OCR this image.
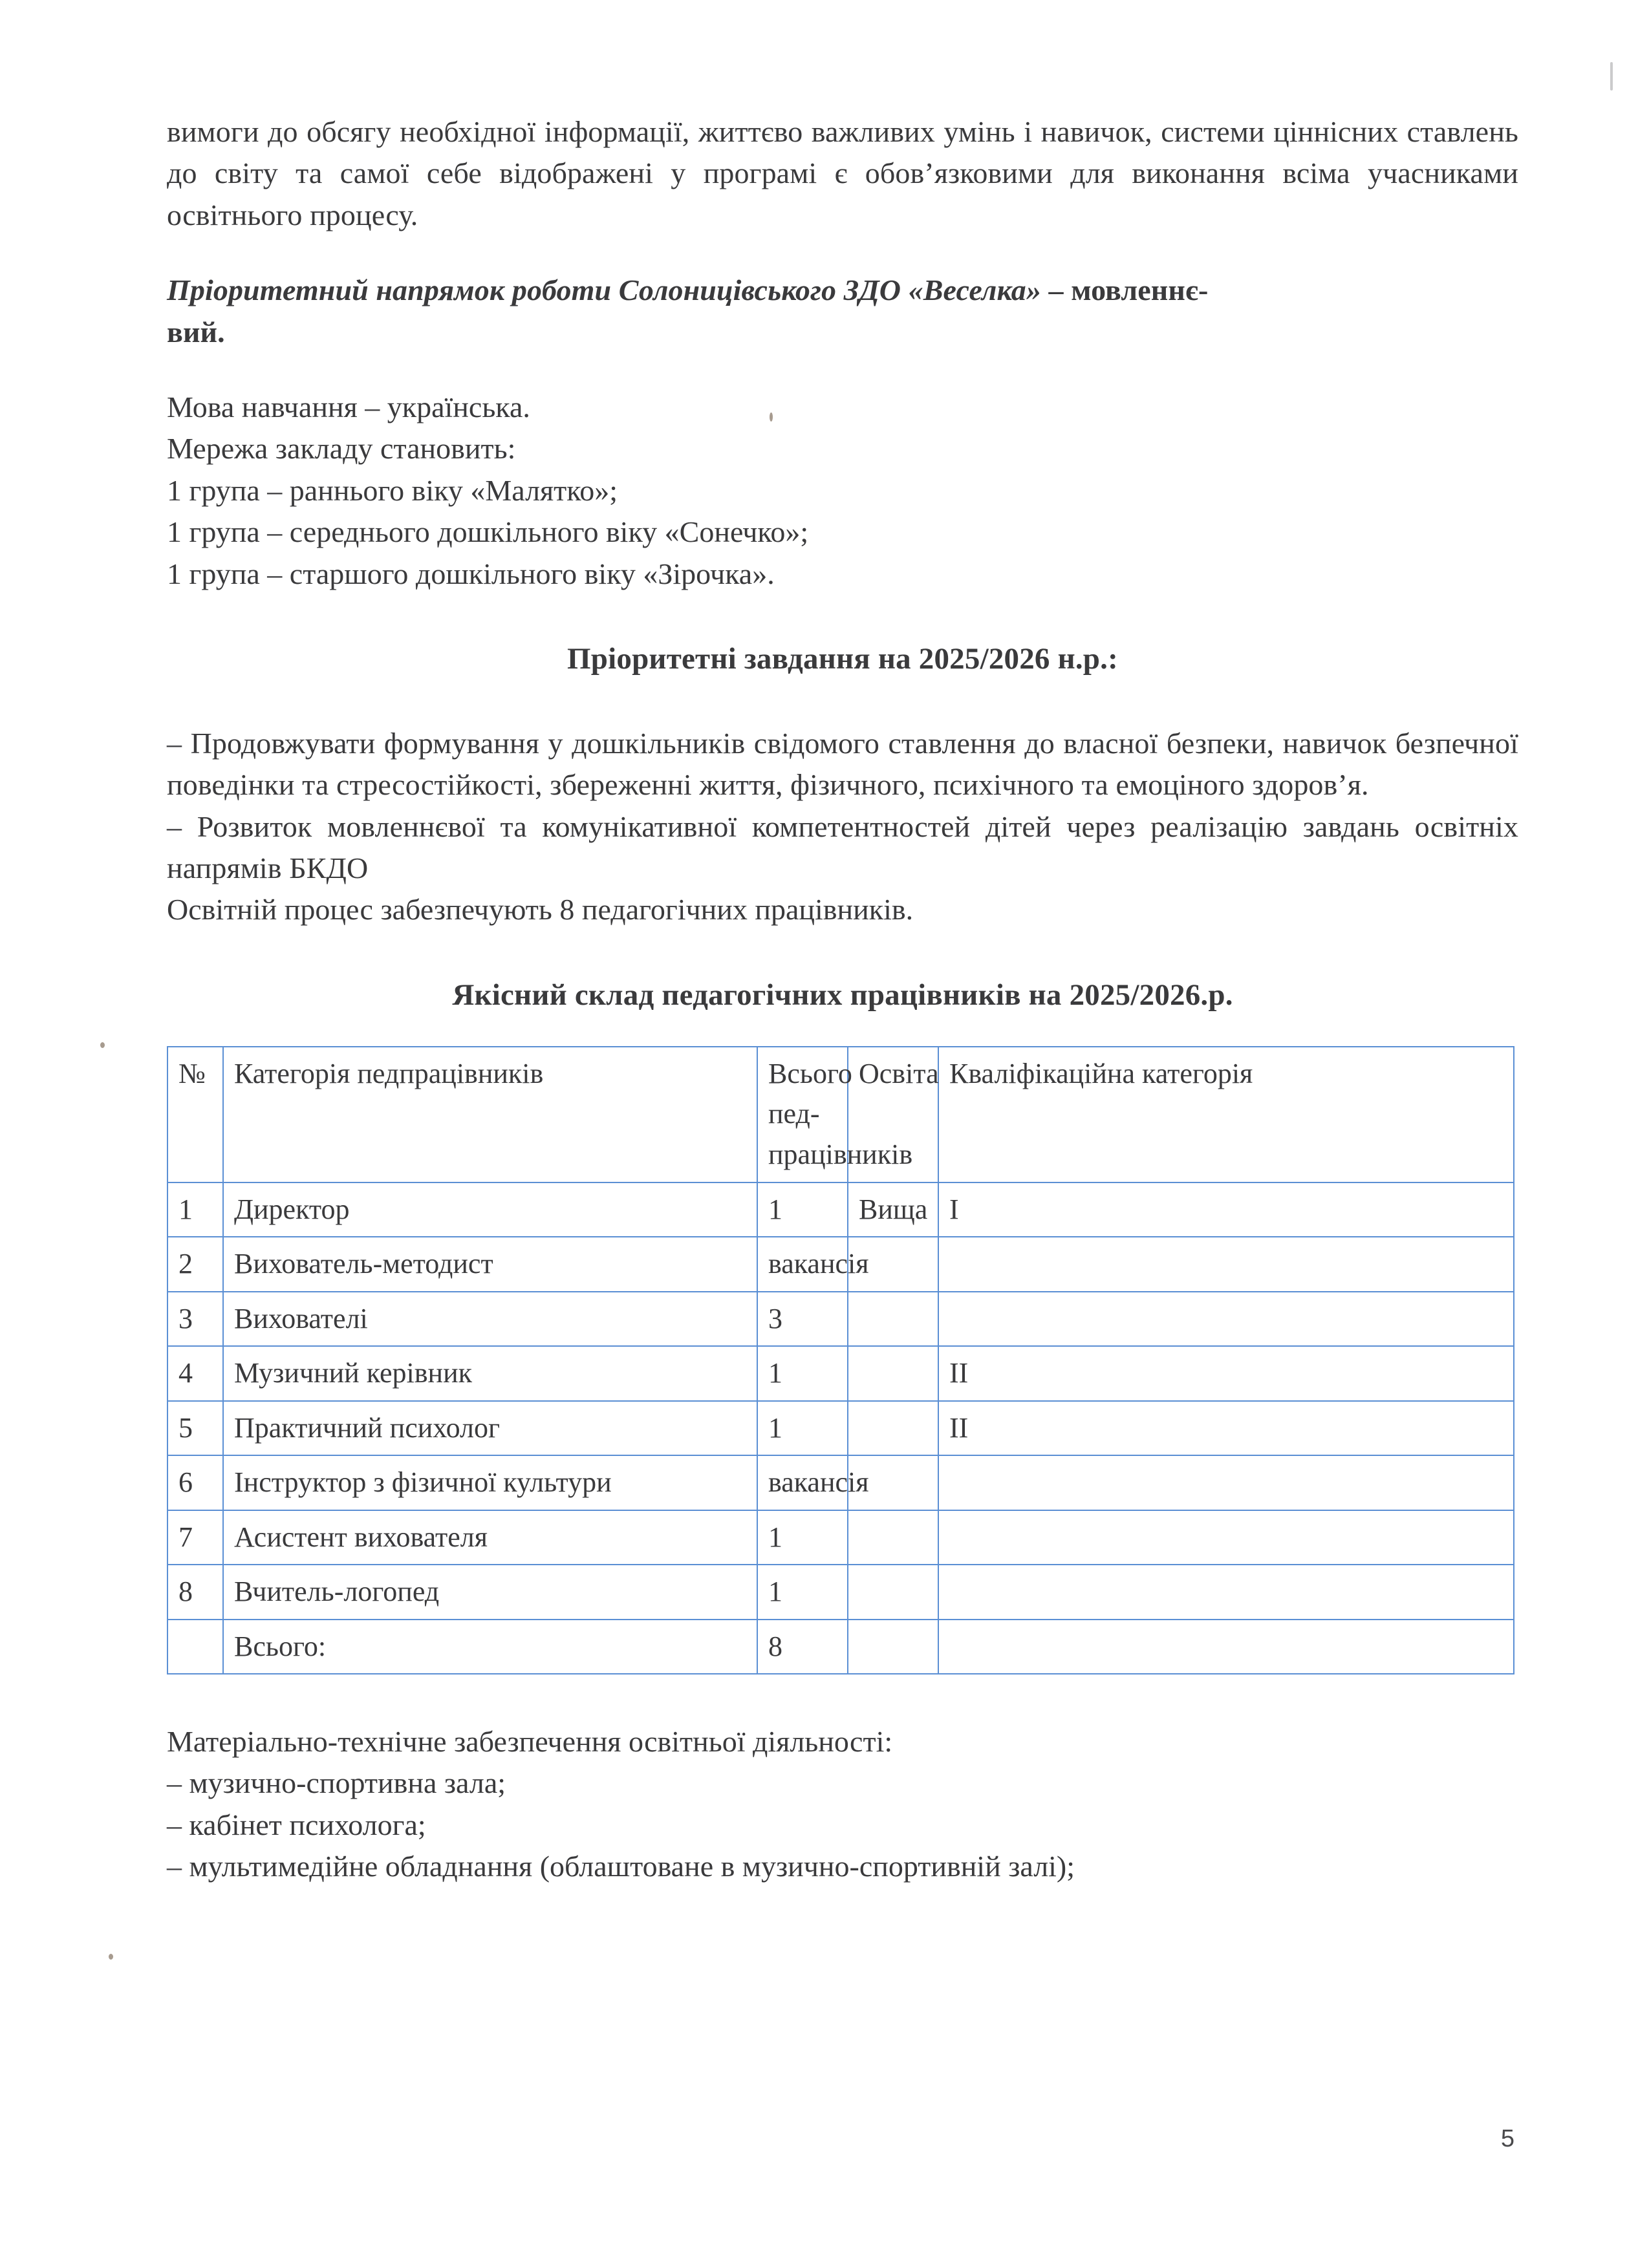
вимоги до обсягу необхідної інформації, життєво важливих умінь і навичок, системи ціннісних ставлень до світу та самої себе відображені у програмі є обов’язковими для виконання всіма учасниками освітнього процесу.

Пріоритетний напрямок роботи Солоницівського ЗДО «Веселка» – мовленнє-
вий.

Мова навчання – українська.
Мережа закладу становить:
1 група – раннього віку «Малятко»;
1 група – середнього дошкільного віку «Сонечко»;
1 група – старшого дошкільного віку «Зірочка».
Пріоритетні завдання на 2025/2026 н.р.:

– Продовжувати формування у дошкільників свідомого ставлення до власної безпеки, навичок безпечної поведінки та стресостійкості, збереженні життя, фізичного, психічного та емоціного здоров’я.

– Розвиток мовленнєвої та комунікативної компетентностей дітей через реалізацію завдань освітніх напрямів БКДО

Освітній процес забезпечують 8 педагогічних працівників.
Якісний склад педагогічних працівників на 2025/2026.р.
№	Категорія педпрацівників	Всього пед-працівників	Освіта	Кваліфікаційна категорія
1	Директор	1	Вища	І
2	Вихователь-методист	вакансія		
3	Вихователі	3		
4	Музичний керівник	1		ІІ
5	Практичний психолог	1		ІІ
6	Інструктор з фізичної культури	вакансія		
7	Асистент вихователя	1		
8	Вчитель-логопед	1		
	Всього:	8		
Матеріально-технічне забезпечення освітньої діяльності:
– музично-спортивна зала;
– кабінет психолога;
– мультимедійне обладнання (облаштоване в музично-спортивній залі);
5
